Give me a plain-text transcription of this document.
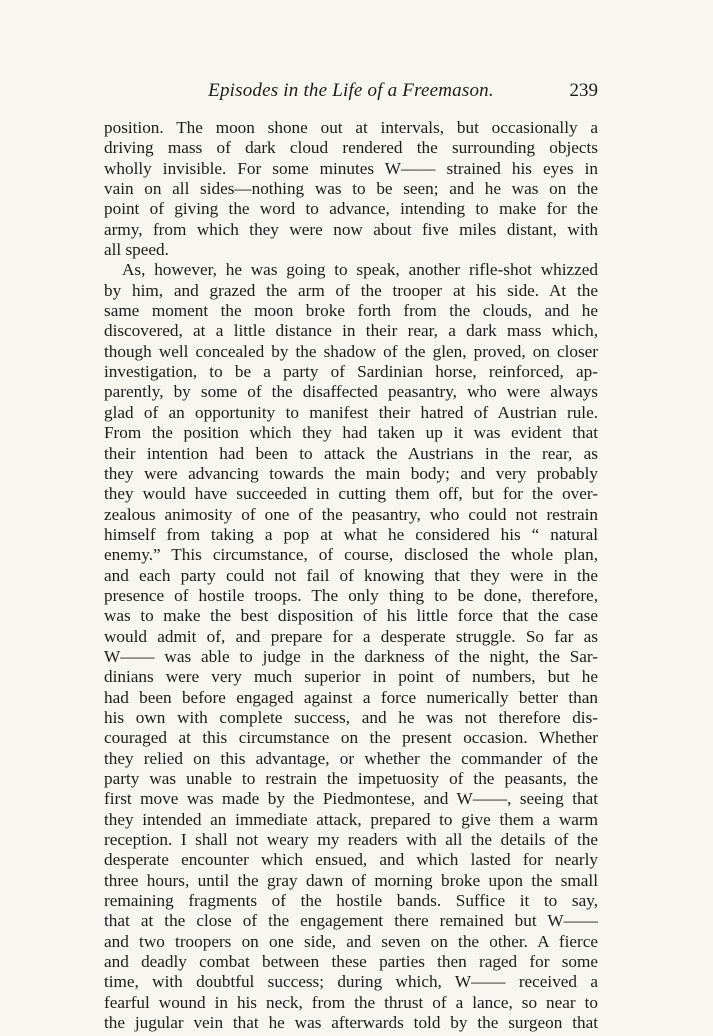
Episodes in the Life of a Freemason.	239
position. The moon shone out at intervals, but occasionally a
driving mass of dark cloud rendered the surrounding objects
wholly invisible. For some minutes W—— strained his eyes in
vain on all sides—nothing was to be seen; and he was on the
point of giving the word to advance, intending to make for the
army, from which they were now about five miles distant, with
all speed.
As, however, he was going to speak, another rifle-shot whizzed
by him, and grazed the arm of the trooper at his side. At the
same moment the moon broke forth from the clouds, and he
discovered, at a little distance in their rear, a dark mass which,
though well concealed by the shadow of the glen, proved, on closer
investigation, to be a party of Sardinian horse, reinforced, ap-
parently, by some of the disaffected peasantry, who were always
glad of an opportunity to manifest their hatred of Austrian rule.
From the position which they had taken up it was evident that
their intention had been to attack the Austrians in the rear, as
they were advancing towards the main body; and very probably
they would have succeeded in cutting them off, but for the over-
zealous animosity of one of the peasantry, who could not restrain
himself from taking a pop at what he considered his “ natural
enemy.” This circumstance, of course, disclosed the whole plan,
and each party could not fail of knowing that they were in the
presence of hostile troops. The only thing to be done, therefore,
was to make the best disposition of his little force that the case
would admit of, and prepare for a desperate struggle. So far as
W—— was able to judge in the darkness of the night, the Sar-
dinians were very much superior in point of numbers, but he
had been before engaged against a force numerically better than
his own with complete success, and he was not therefore dis-
couraged at this circumstance on the present occasion. Whether
they relied on this advantage, or whether the commander of the
party was unable to restrain the impetuosity of the peasants, the
first move was made by the Piedmontese, and W——, seeing that
they intended an immediate attack, prepared to give them a warm
reception. I shall not weary my readers with all the details of the
desperate encounter which ensued, and which lasted for nearly
three hours, until the gray dawn of morning broke upon the small
remaining fragments of the hostile bands. Suffice it to say,
that at the close of the engagement there remained but W——
and two troopers on one side, and seven on the other. A fierce
and deadly combat between these parties then raged for some
time, with doubtful success; during which, W—— received a
fearful wound in his neck, from the thrust of a lance, so near to
the jugular vein that he was afterwards told by the surgeon that
